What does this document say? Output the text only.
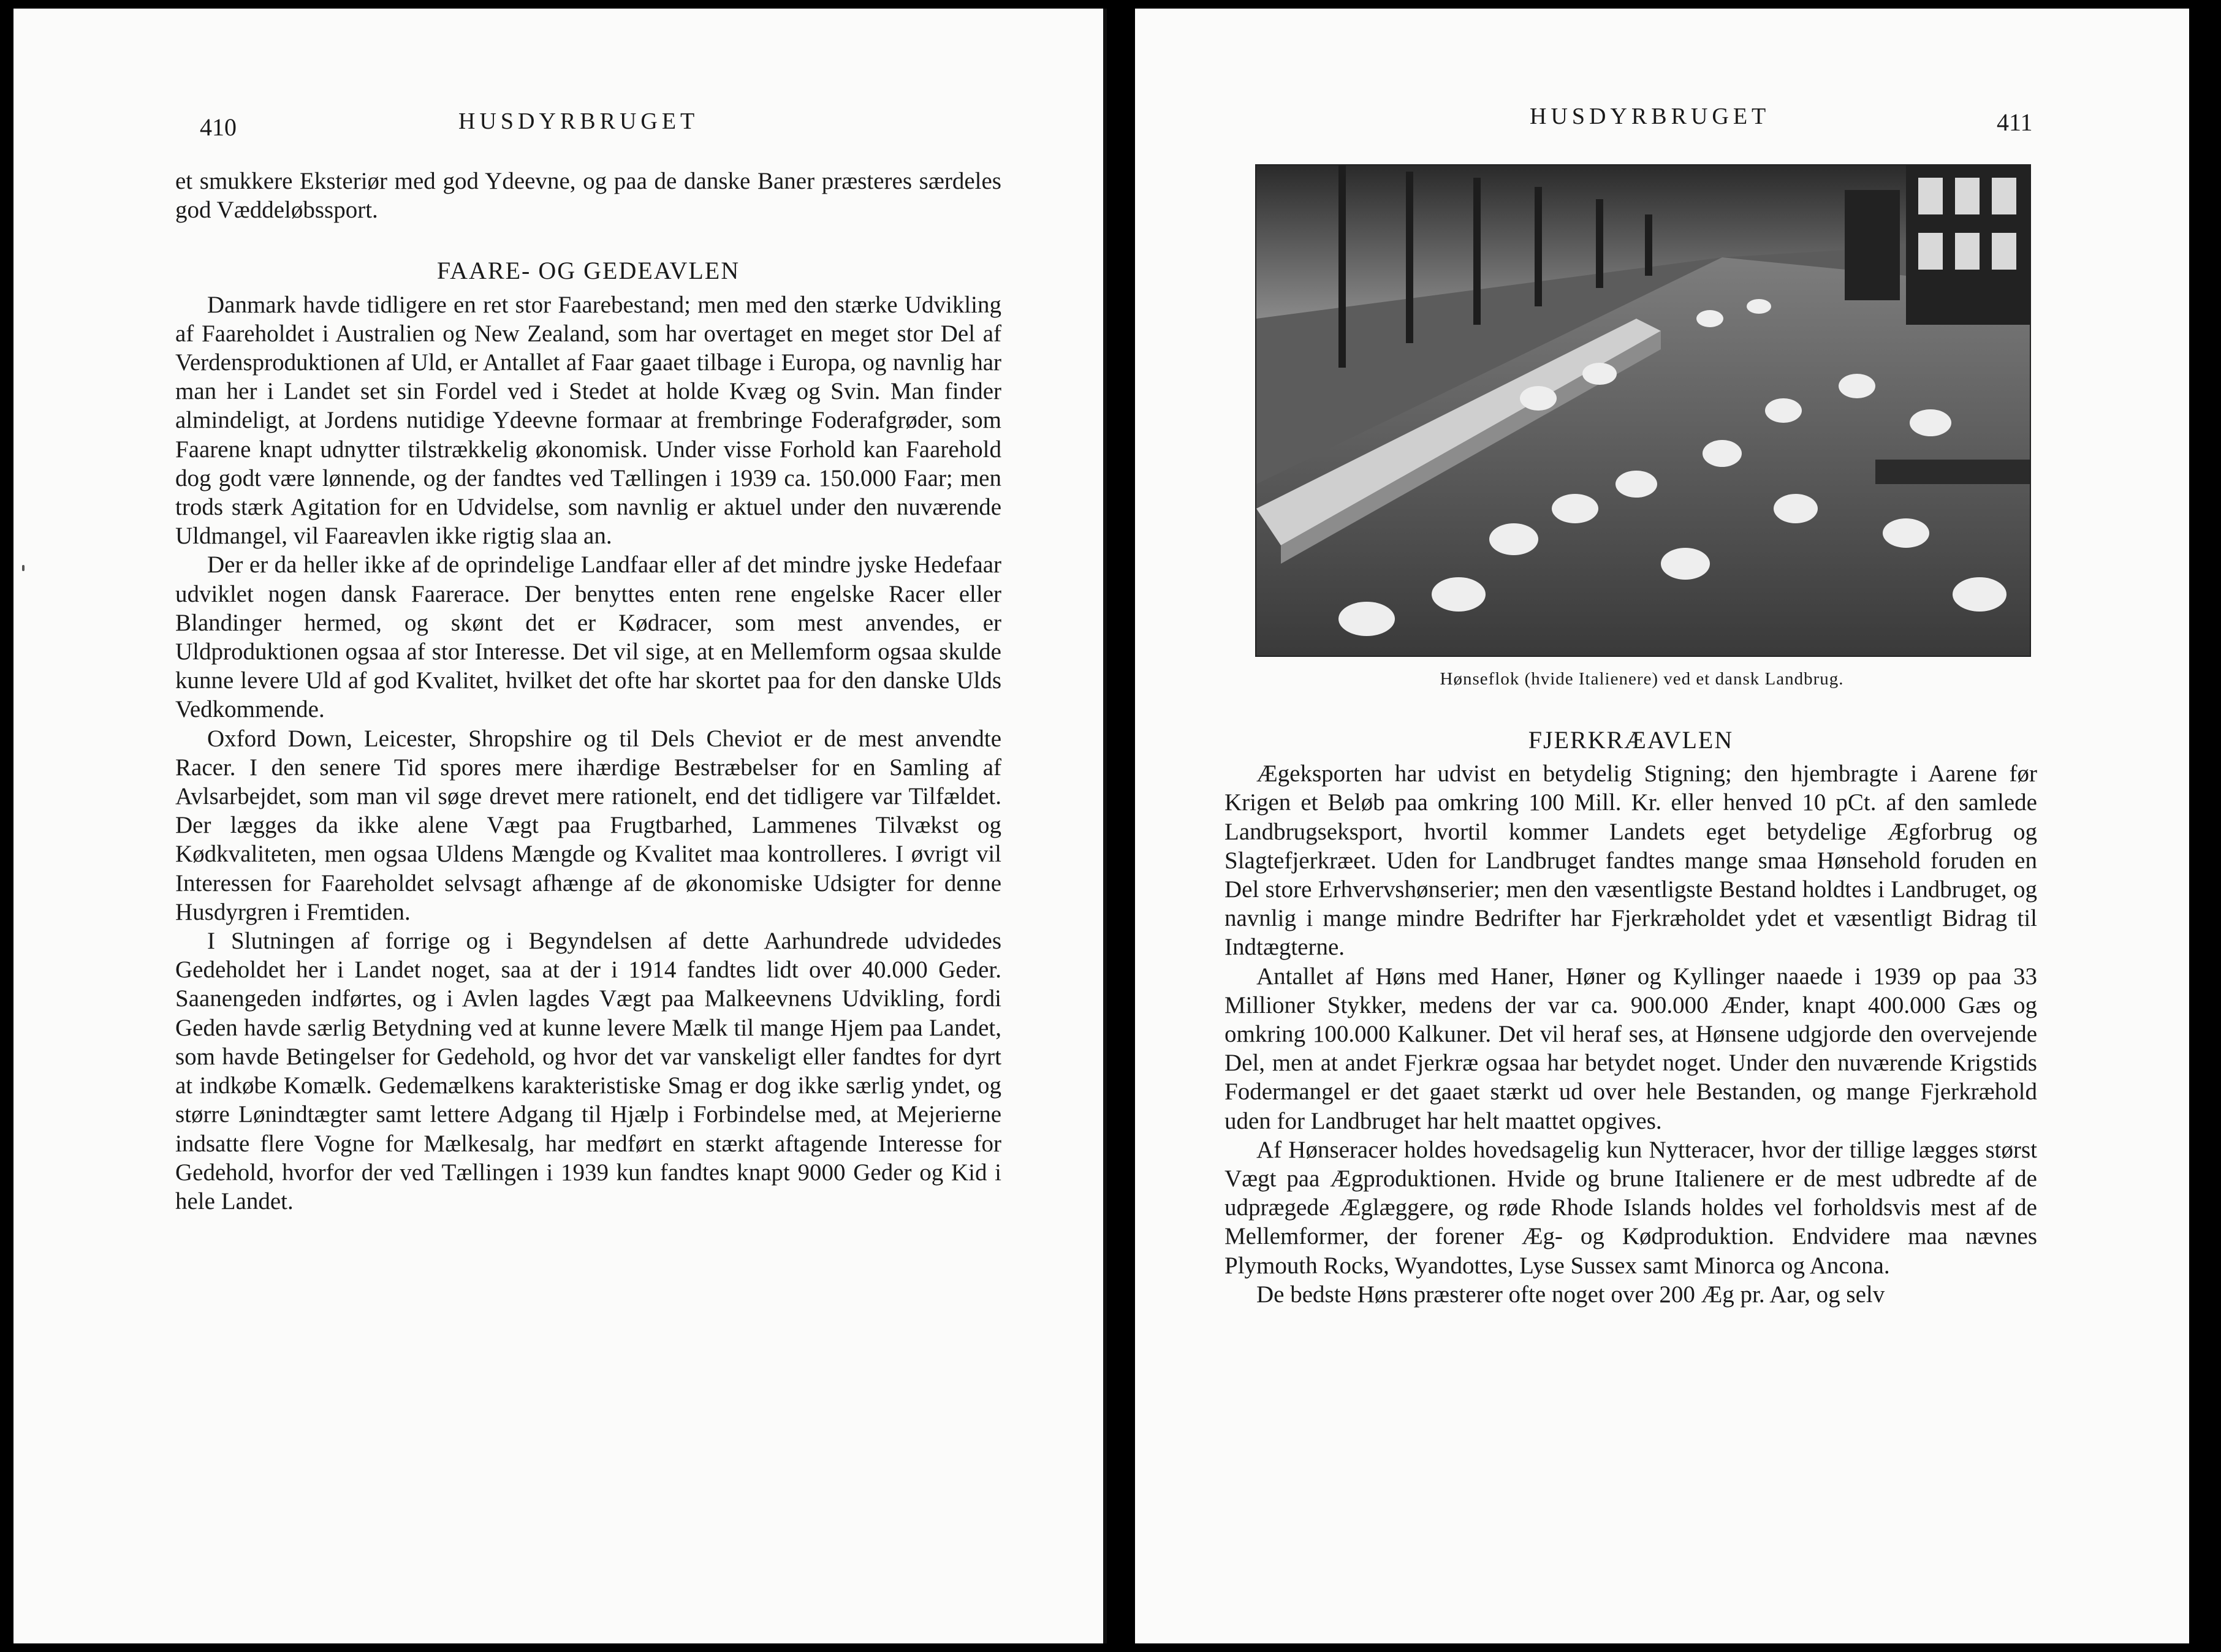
410	HUSDYRBRUGET

et smukkere Eksteriør med god Ydeevne, og paa de danske Baner præsteres særdeles god Væddeløbssport.

FAARE- OG GEDEAVLEN

Danmark havde tidligere en ret stor Faarebestand; men med den stærke Udvikling af Faareholdet i Australien og New Zealand, som har overtaget en meget stor Del af Verdensproduktionen af Uld, er Antallet af Faar gaaet tilbage i Europa, og navnlig har man her i Landet set sin Fordel ved i Stedet at holde Kvæg og Svin. Man finder almindeligt, at Jordens nutidige Ydeevne formaar at frembringe Foderafgrøder, som Faarene knapt udnytter tilstrækkelig økonomisk. Under visse Forhold kan Faarehold dog godt være lønnende, og der fandtes ved Tællingen i 1939 ca. 150.000 Faar; men trods stærk Agitation for en Udvidelse, som navnlig er aktuel under den nuværende Uldmangel, vil Faareavlen ikke rigtig slaa an.

Der er da heller ikke af de oprindelige Landfaar eller af det mindre jyske Hedefaar udviklet nogen dansk Faarerace. Der benyttes enten rene engelske Racer eller Blandinger hermed, og skønt det er Kødracer, som mest anvendes, er Uldproduktionen ogsaa af stor Interesse. Det vil sige, at en Mellemform ogsaa skulde kunne levere Uld af god Kvalitet, hvilket det ofte har skortet paa for den danske Ulds Vedkommende.

Oxford Down, Leicester, Shropshire og til Dels Cheviot er de mest anvendte Racer. I den senere Tid spores mere ihærdige Bestræbelser for en Samling af Avlsarbejdet, som man vil søge drevet mere rationelt, end det tidligere var Tilfældet. Der lægges da ikke alene Vægt paa Frugtbarhed, Lammenes Tilvækst og Kødkvaliteten, men ogsaa Uldens Mængde og Kvalitet maa kontrolleres. I øvrigt vil Interessen for Faareholdet selvsagt afhænge af de økonomiske Udsigter for denne Husdyrgren i Fremtiden.

I Slutningen af forrige og i Begyndelsen af dette Aarhundrede udvidedes Gedeholdet her i Landet noget, saa at der i 1914 fandtes lidt over 40.000 Geder. Saanengeden indførtes, og i Avlen lagdes Vægt paa Malkeevnens Udvikling, fordi Geden havde særlig Betydning ved at kunne levere Mælk til mange Hjem paa Landet, som havde Betingelser for Gedehold, og hvor det var vanskeligt eller fandtes for dyrt at indkøbe Komælk. Gedemælkens karakteristiske Smag er dog ikke særlig yndet, og større Lønindtægter samt lettere Adgang til Hjælp i Forbindelse med, at Mejerierne indsatte flere Vogne for Mælkesalg, har medført en stærkt aftagende Interesse for Gedehold, hvorfor der ved Tællingen i 1939 kun fandtes knapt 9000 Geder og Kid i hele Landet.

HUSDYRBRUGET	411
Hønseflok (hvide Italienere) ved et dansk Landbrug.
FJERKRÆAVLEN

Ægeksporten har udvist en betydelig Stigning; den hjembragte i Aarene før Krigen et Beløb paa omkring 100 Mill. Kr. eller henved 10 pCt. af den samlede Landbrugseksport, hvortil kommer Landets eget betydelige Ægforbrug og Slagtefjerkræet. Uden for Landbruget fandtes mange smaa Hønsehold foruden en Del store Erhvervshønserier; men den væsentligste Bestand holdtes i Landbruget, og navnlig i mange mindre Bedrifter har Fjerkræholdet ydet et væsentligt Bidrag til Indtægterne.

Antallet af Høns med Haner, Høner og Kyllinger naaede i 1939 op paa 33 Millioner Stykker, medens der var ca. 900.000 Ænder, knapt 400.000 Gæs og omkring 100.000 Kalkuner. Det vil heraf ses, at Hønsene udgjorde den overvejende Del, men at andet Fjerkræ ogsaa har betydet noget. Under den nuværende Krigstids Fodermangel er det gaaet stærkt ud over hele Bestanden, og mange Fjerkræhold uden for Landbruget har helt maattet opgives.

Af Hønseracer holdes hovedsagelig kun Nytteracer, hvor der tillige lægges størst Vægt paa Ægproduktionen. Hvide og brune Italienere er de mest udbredte af de udprægede Æglæggere, og røde Rhode Islands holdes vel forholdsvis mest af de Mellemformer, der forener Æg- og Kødproduktion. Endvidere maa nævnes Plymouth Rocks, Wyandottes, Lyse Sussex samt Minorca og Ancona.

De bedste Høns præsterer ofte noget over 200 Æg pr. Aar, og selv
